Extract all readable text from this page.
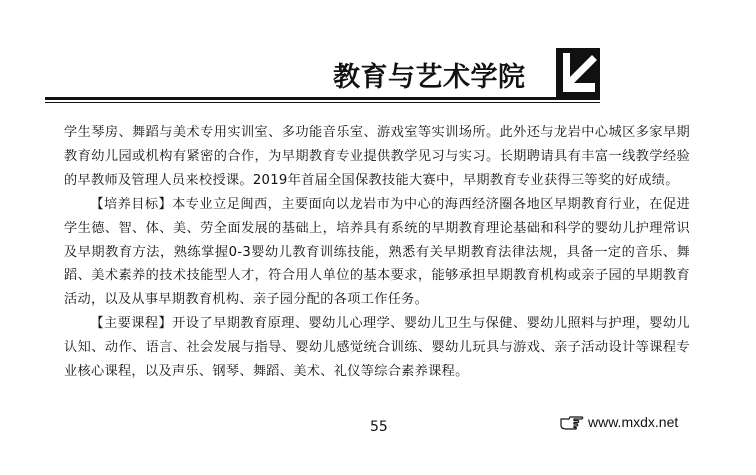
教育与艺术学院

学生琴房、舞蹈与美术专用实训室、多功能音乐室、游戏室等实训场所。此外还与龙岩中心城区多家早期教育幼儿园或机构有紧密的合作，为早期教育专业提供教学见习与实习。长期聘请具有丰富一线教学经验的早教师及管理人员来校授课。2019年首届全国保教技能大赛中，早期教育专业获得三等奖的好成绩。

【培养目标】本专业立足闽西，主要面向以龙岩市为中心的海西经济圈各地区早期教育行业，在促进学生德、智、体、美、劳全面发展的基础上，培养具有系统的早期教育理论基础和科学的婴幼儿护理常识及早期教育方法，熟练掌握0-3婴幼儿教育训练技能，熟悉有关早期教育法律法规，具备一定的音乐、舞蹈、美术素养的技术技能型人才，符合用人单位的基本要求，能够承担早期教育机构或亲子园的早期教育活动，以及从事早期教育机构、亲子园分配的各项工作任务。

【主要课程】开设了早期教育原理、婴幼儿心理学、婴幼儿卫生与保健、婴幼儿照料与护理，婴幼儿认知、动作、语言、社会发展与指导、婴幼儿感觉统合训练、婴幼儿玩具与游戏、亲子活动设计等课程专业核心课程，以及声乐、钢琴、舞蹈、美术、礼仪等综合素养课程。

55	www.mxdx.net
